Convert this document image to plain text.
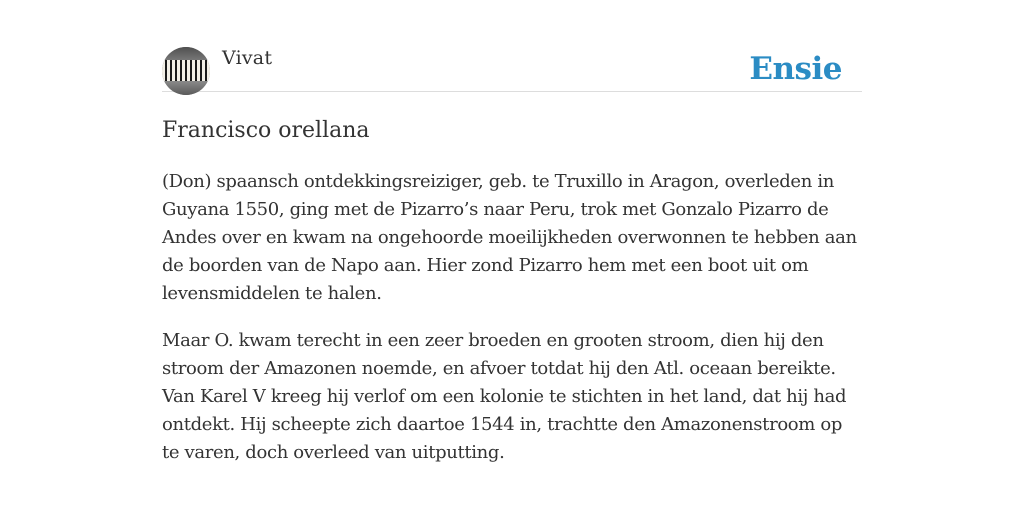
Vivat	Ensie
Francisco orellana

(Don) spaansch ontdekkingsreiziger, geb. te Truxillo in Aragon, overleden in Guyana 1550, ging met de Pizarro’s naar Peru, trok met Gonzalo Pizarro de Andes over en kwam na ongehoorde moeilijkheden overwonnen te hebben aan de boorden van de Napo aan. Hier zond Pizarro hem met een boot uit om levensmiddelen te halen.

Maar O. kwam terecht in een zeer broeden en grooten stroom, dien hij den stroom der Amazonen noemde, en afvoer totdat hij den Atl. oceaan bereikte. Van Karel V kreeg hij verlof om een kolonie te stichten in het land, dat hij had ontdekt. Hij scheepte zich daartoe 1544 in, trachtte den Amazonenstroom op te varen, doch overleed van uitputting.
